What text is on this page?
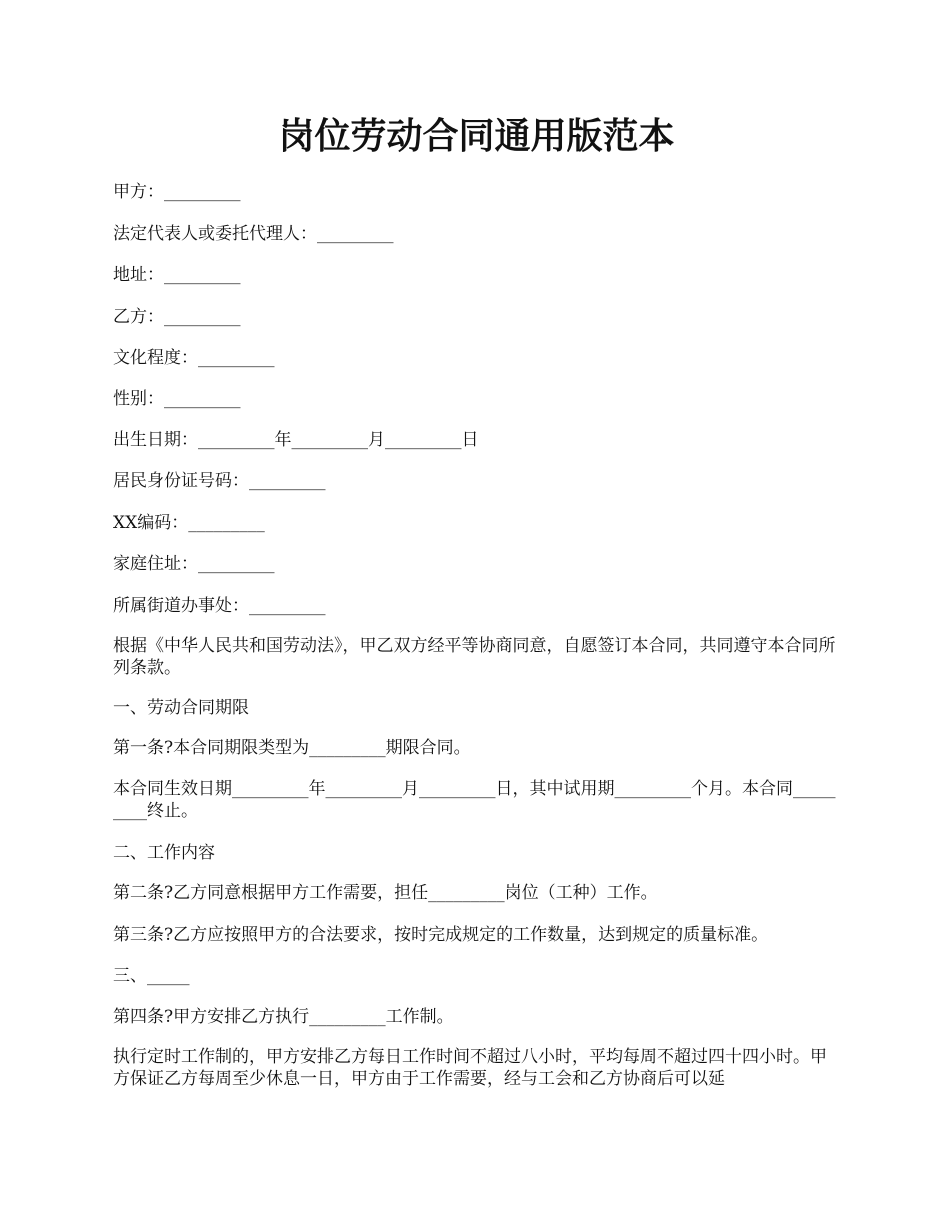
岗位劳动合同通用版范本

甲方：_________

法定代表人或委托代理人：_________

地址：_________

乙方：_________

文化程度：_________

性别：_________

出生日期：_________年_________月_________日

居民身份证号码：_________

XX编码：_________

家庭住址：_________

所属街道办事处：_________

根据《中华人民共和国劳动法》，甲乙双方经平等协商同意，自愿签订本合同，共同遵守本合同所列条款。

一、劳动合同期限

第一条?本合同期限类型为_________期限合同。

本合同生效日期_________年_________月_________日，其中试用期_________个月。本合同_________终止。

二、工作内容

第二条?乙方同意根据甲方工作需要，担任_________岗位（工种）工作。

第三条?乙方应按照甲方的合法要求，按时完成规定的工作数量，达到规定的质量标准。

三、_____

第四条?甲方安排乙方执行_________工作制。

执行定时工作制的，甲方安排乙方每日工作时间不超过八小时，平均每周不超过四十四小时。甲方保证乙方每周至少休息一日，甲方由于工作需要，经与工会和乙方协商后可以延
